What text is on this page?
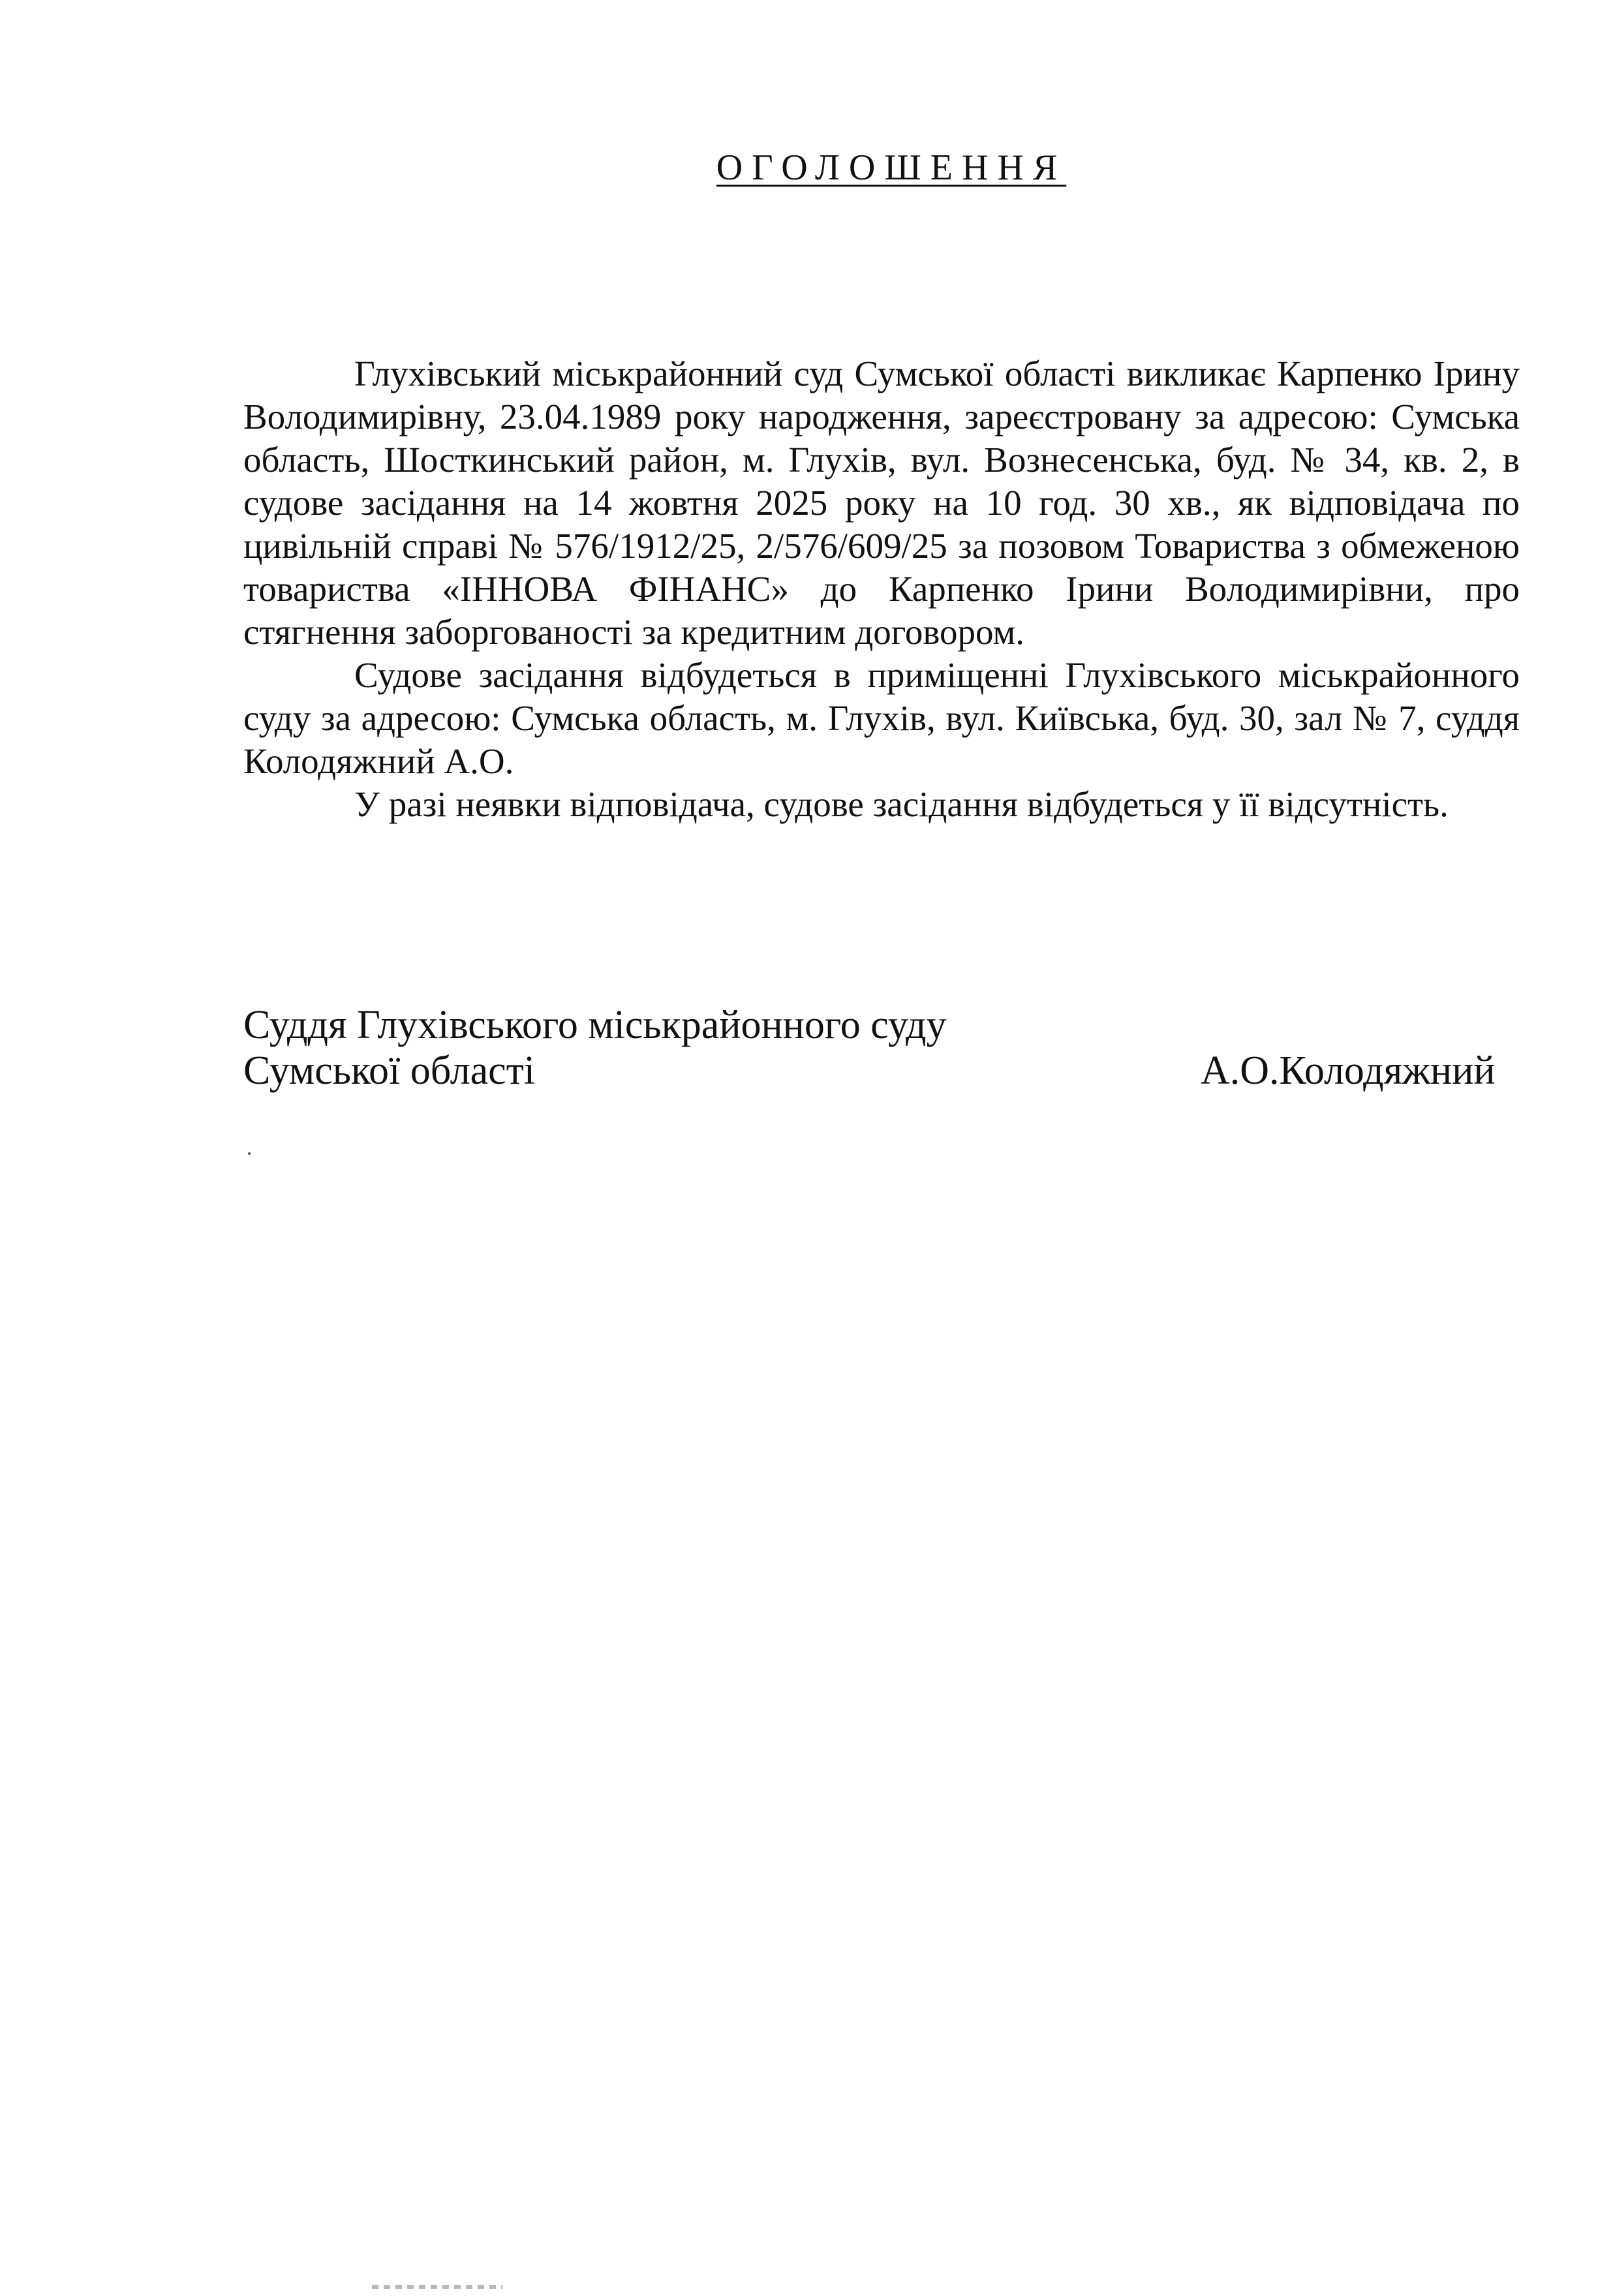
ОГОЛОШЕННЯ

Глухівський міськрайонний суд Сумської області викликає Карпенко Ірину Володимирівну, 23.04.1989 року народження, зареєстровану за адресою: Сумська область, Шосткинський район, м. Глухів, вул. Вознесенська, буд. № 34, кв. 2, в судове засідання на 14 жовтня 2025 року на 10 год. 30 хв., як відповідача по цивільній справі № 576/1912/25, 2/576/609/25 за позовом Товариства з обмеженою товариства «ІННОВА ФІНАНС» до Карпенко Ірини Володимирівни, про стягнення заборгованості за кредитним договором.

Судове засідання відбудеться в приміщенні Глухівського міськрайонного суду за адресою: Сумська область, м. Глухів, вул. Київська, буд. 30, зал № 7, суддя Колодяжний А.О.

У разі неявки відповідача, судове засідання відбудеться у її відсутність.

Суддя Глухівського міськрайонного суду
Сумської області	А.О.Колодяжний
